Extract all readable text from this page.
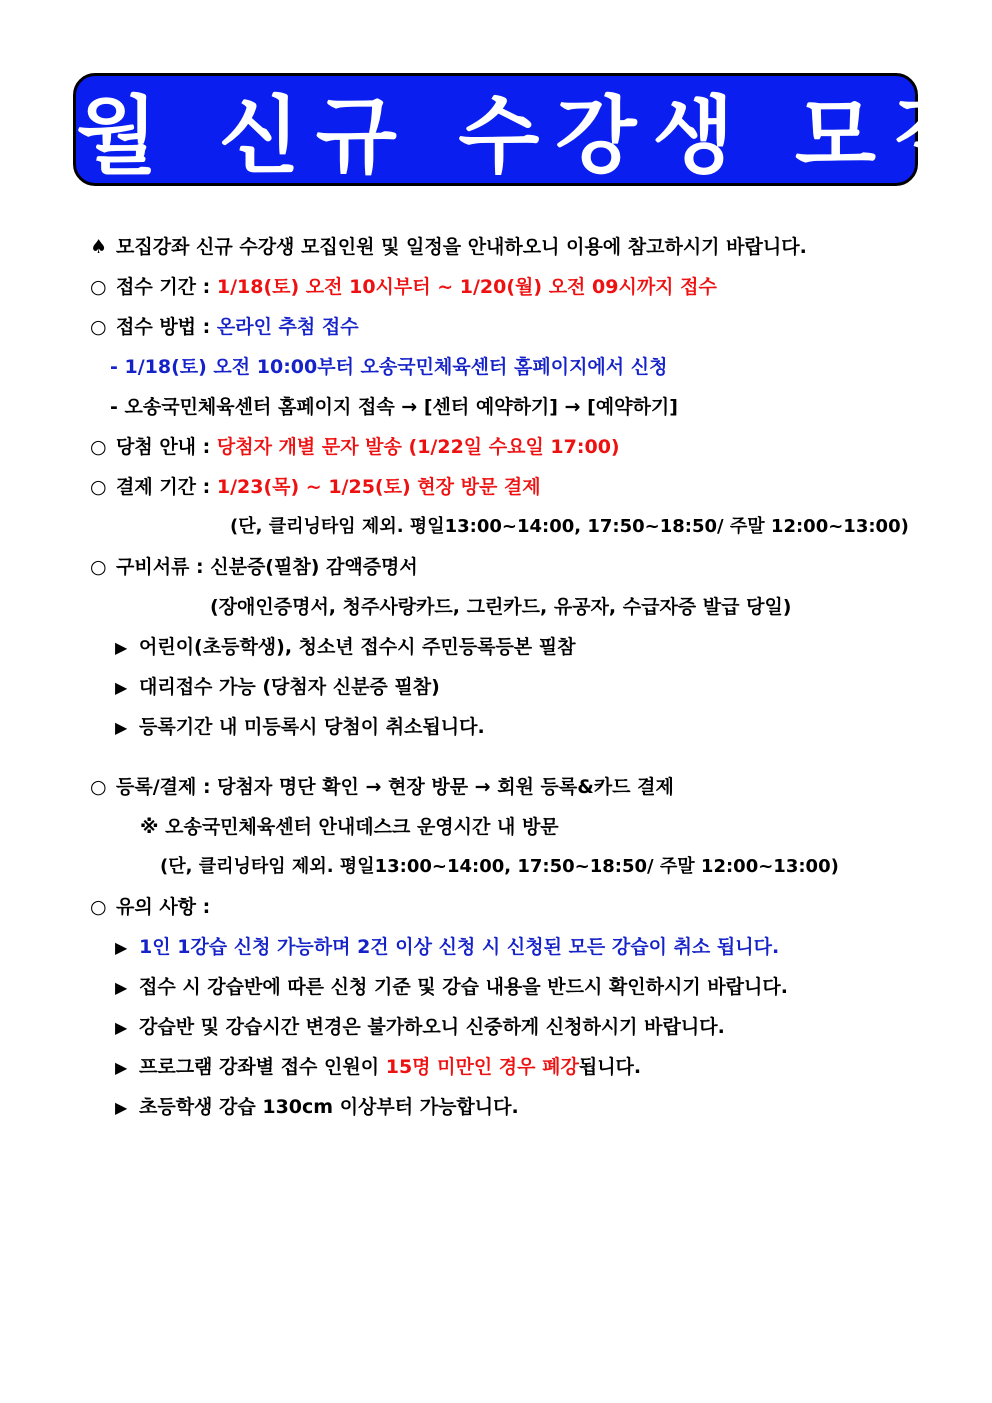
2월 신규 수강생 모집
♠ 모집강좌 신규 수강생 모집인원 및 일정을 안내하오니 이용에 참고하시기 바랍니다.
○ 접수 기간 : 1/18(토) 오전 10시부터 ~ 1/20(월) 오전 09시까지 접수
○ 접수 방법 : 온라인 추첨 접수
- 1/18(토) 오전 10:00부터 오송국민체육센터 홈페이지에서 신청
- 오송국민체육센터 홈페이지 접속 → [센터 예약하기] → [예약하기]
○ 당첨 안내 : 당첨자 개별 문자 발송 (1/22일 수요일 17:00)
○ 결제 기간 : 1/23(목) ~ 1/25(토) 현장 방문 결제
(단, 클리닝타임 제외. 평일13:00~14:00, 17:50~18:50/ 주말 12:00~13:00)
○ 구비서류 : 신분증(필참) 감액증명서
(장애인증명서, 청주사랑카드, 그린카드, 유공자, 수급자증 발급 당일)
▶ 어린이(초등학생), 청소년 접수시 주민등록등본 필참
▶ 대리접수 가능 (당첨자 신분증 필참)
▶ 등록기간 내 미등록시 당첨이 취소됩니다.
○ 등록/결제 : 당첨자 명단 확인 → 현장 방문 → 회원 등록&카드 결제
※ 오송국민체육센터 안내데스크 운영시간 내 방문
(단, 클리닝타임 제외. 평일13:00~14:00, 17:50~18:50/ 주말 12:00~13:00)
○ 유의 사항 :
▶ 1인 1강습 신청 가능하며 2건 이상 신청 시 신청된 모든 강습이 취소 됩니다.
▶ 접수 시 강습반에 따른 신청 기준 및 강습 내용을 반드시 확인하시기 바랍니다.
▶ 강습반 및 강습시간 변경은 불가하오니 신중하게 신청하시기 바랍니다.
▶ 프로그램 강좌별 접수 인원이 15명 미만인 경우 폐강됩니다.
▶ 초등학생 강습 130cm 이상부터 가능합니다.
